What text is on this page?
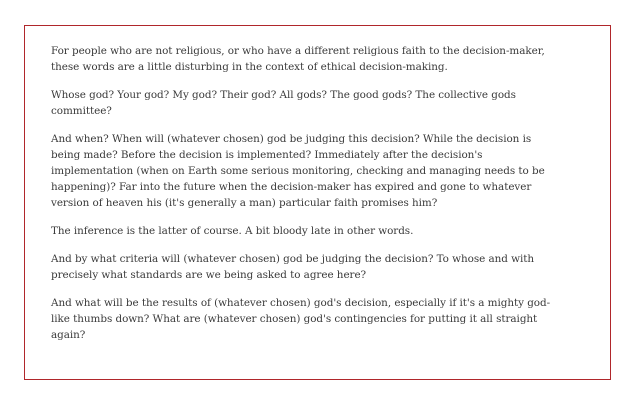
For people who are not religious, or who have a different religious faith to the decision-maker, these words are a little disturbing in the context of ethical decision-making.

Whose god? Your god? My god? Their god? All gods? The good gods? The collective gods committee?

And when? When will (whatever chosen) god be judging this decision? While the decision is being made? Before the decision is implemented? Immediately after the decision's implementation (when on Earth some serious monitoring, checking and managing needs to be happening)? Far into the future when the decision-maker has expired and gone to whatever version of heaven his (it's generally a man) particular faith promises him?

The inference is the latter of course. A bit bloody late in other words.

And by what criteria will (whatever chosen) god be judging the decision? To whose and with precisely what standards are we being asked to agree here?

And what will be the results of (whatever chosen) god's decision, especially if it's a mighty god-like thumbs down? What are (whatever chosen) god's contingencies for putting it all straight again?
